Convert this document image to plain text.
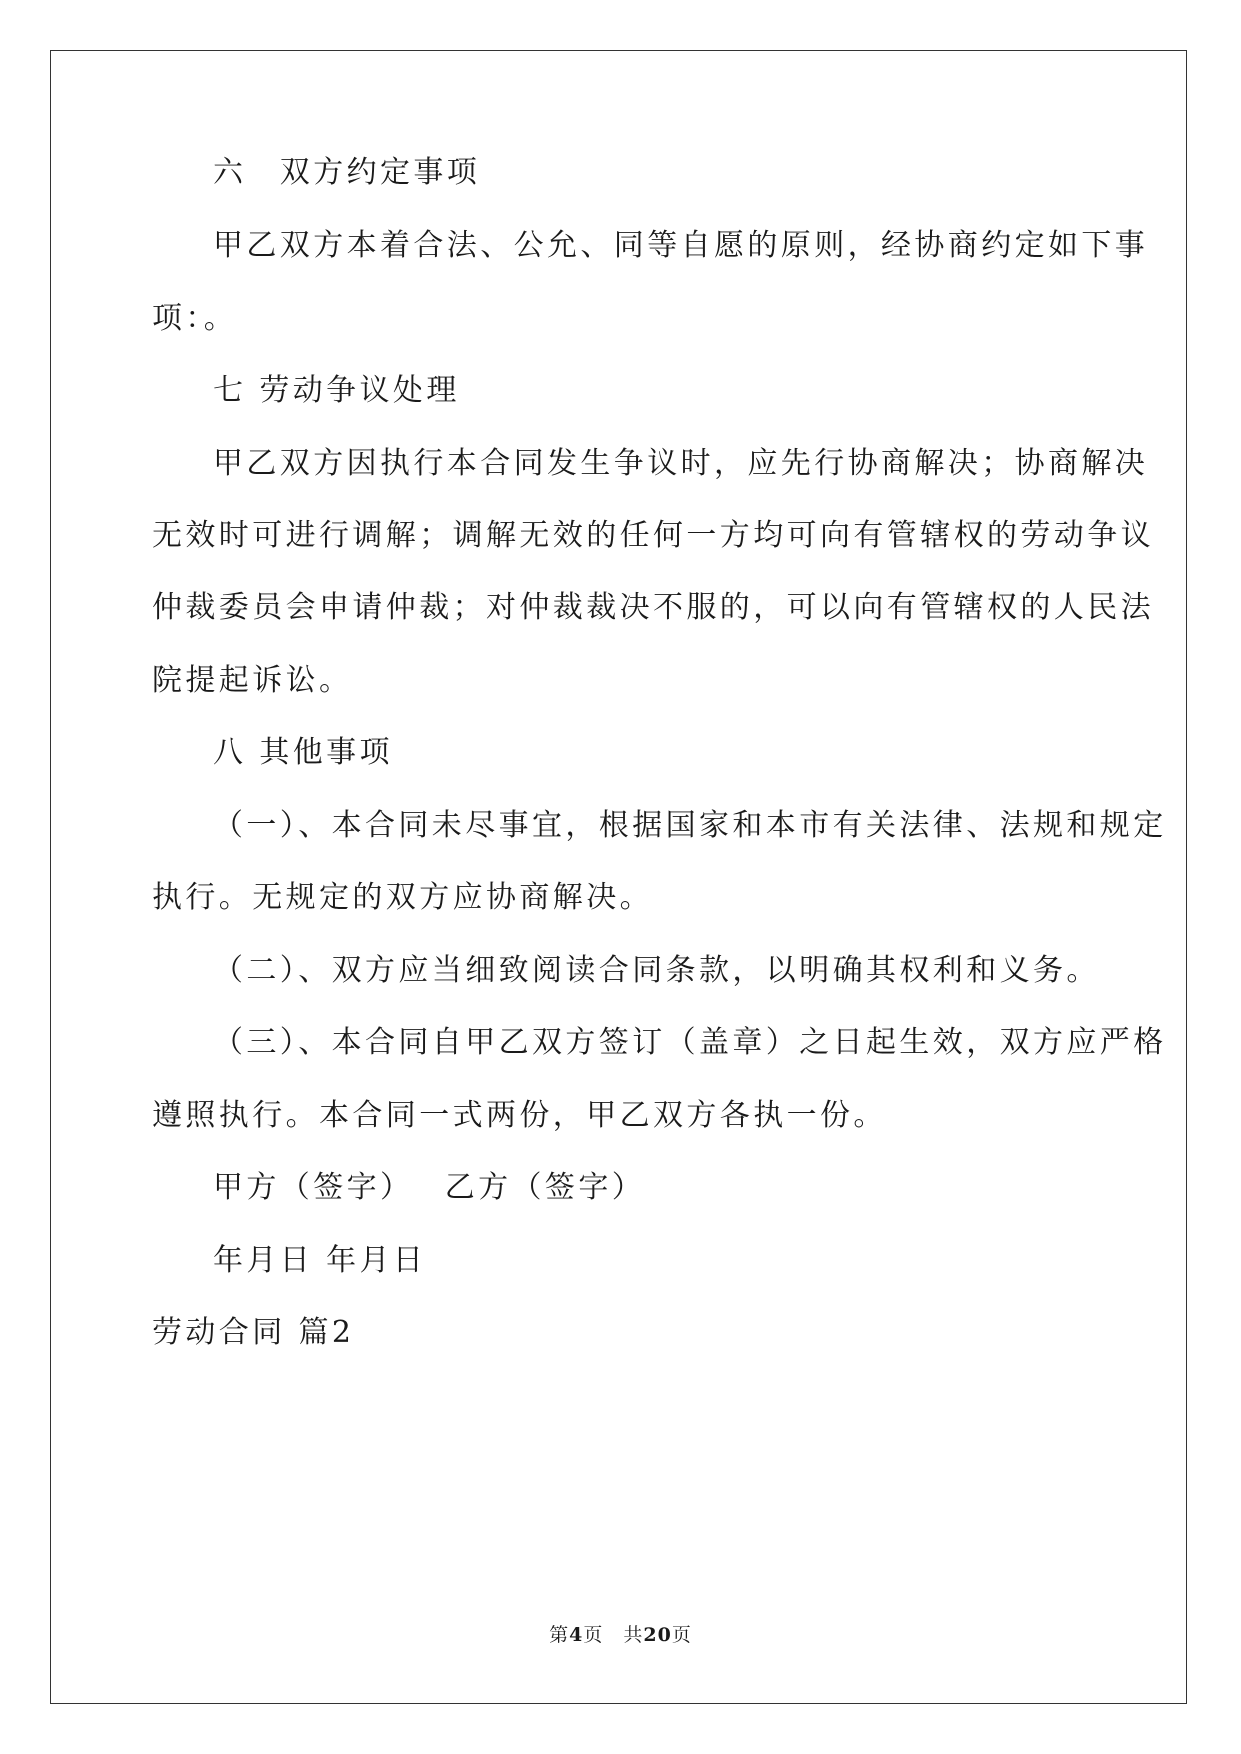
六　双方约定事项
甲乙双方本着合法、公允、同等自愿的原则，经协商约定如下事
项：。
七 劳动争议处理
甲乙双方因执行本合同发生争议时，应先行协商解决；协商解决
无效时可进行调解；调解无效的任何一方均可向有管辖权的劳动争议
仲裁委员会申请仲裁；对仲裁裁决不服的，可以向有管辖权的人民法
院提起诉讼。
八 其他事项
（一）、本合同未尽事宜，根据国家和本市有关法律、法规和规定
执行。无规定的双方应协商解决。
（二）、双方应当细致阅读合同条款，以明确其权利和义务。
（三）、本合同自甲乙双方签订（盖章）之日起生效，双方应严格
遵照执行。本合同一式两份，甲乙双方各执一份。
甲方（签字）　 乙方（签字）
年月日 年月日
劳动合同 篇2
第4页　 共20页
